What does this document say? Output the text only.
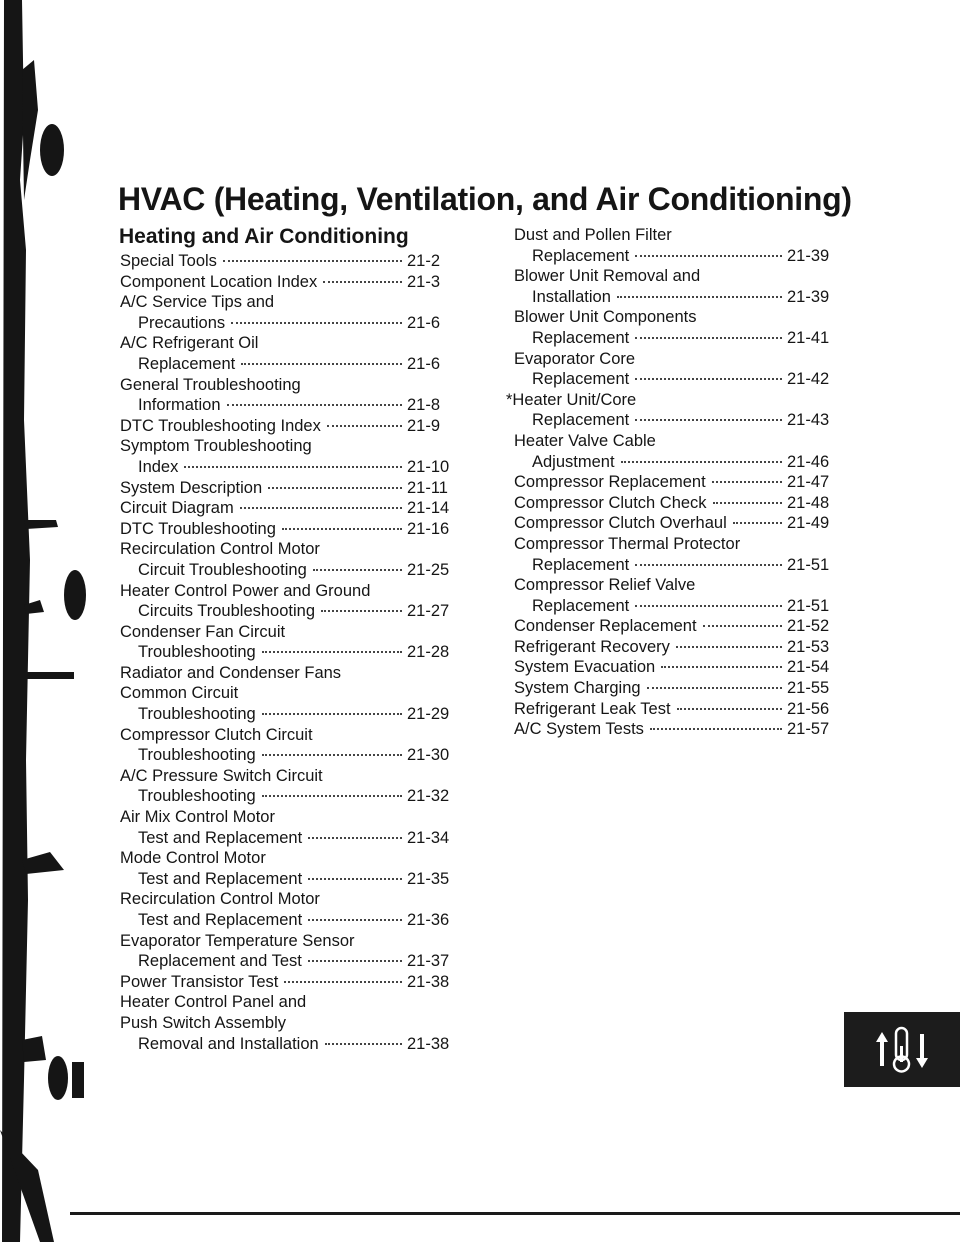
HVAC (Heating, Ventilation, and Air Conditioning)
Heating and Air Conditioning
Special Tools	21-2
Component Location Index	21-3
A/C Service Tips and
Precautions	21-6
A/C Refrigerant Oil
Replacement	21-6
General Troubleshooting
Information	21-8
DTC Troubleshooting Index	21-9
Symptom Troubleshooting
Index	21-10
System Description	21-11
Circuit Diagram	21-14
DTC Troubleshooting	21-16
Recirculation Control Motor
Circuit Troubleshooting	21-25
Heater Control Power and Ground
Circuits Troubleshooting	21-27
Condenser Fan Circuit
Troubleshooting	21-28
Radiator and Condenser Fans
Common Circuit
Troubleshooting	21-29
Compressor Clutch Circuit
Troubleshooting	21-30
A/C Pressure Switch Circuit
Troubleshooting	21-32
Air Mix Control Motor
Test and Replacement	21-34
Mode Control Motor
Test and Replacement	21-35
Recirculation Control Motor
Test and Replacement	21-36
Evaporator Temperature Sensor
Replacement and Test	21-37
Power Transistor Test	21-38
Heater Control Panel and
Push Switch Assembly
Removal and Installation	21-38
Dust and Pollen Filter
Replacement	21-39
Blower Unit Removal and
Installation	21-39
Blower Unit Components
Replacement	21-41
Evaporator Core
Replacement	21-42
*Heater Unit/Core
Replacement	21-43
Heater Valve Cable
Adjustment	21-46
Compressor Replacement	21-47
Compressor Clutch Check	21-48
Compressor Clutch Overhaul	21-49
Compressor Thermal Protector
Replacement	21-51
Compressor Relief Valve
Replacement	21-51
Condenser Replacement	21-52
Refrigerant Recovery	21-53
System Evacuation	21-54
System Charging	21-55
Refrigerant Leak Test	21-56
A/C System Tests	21-57
